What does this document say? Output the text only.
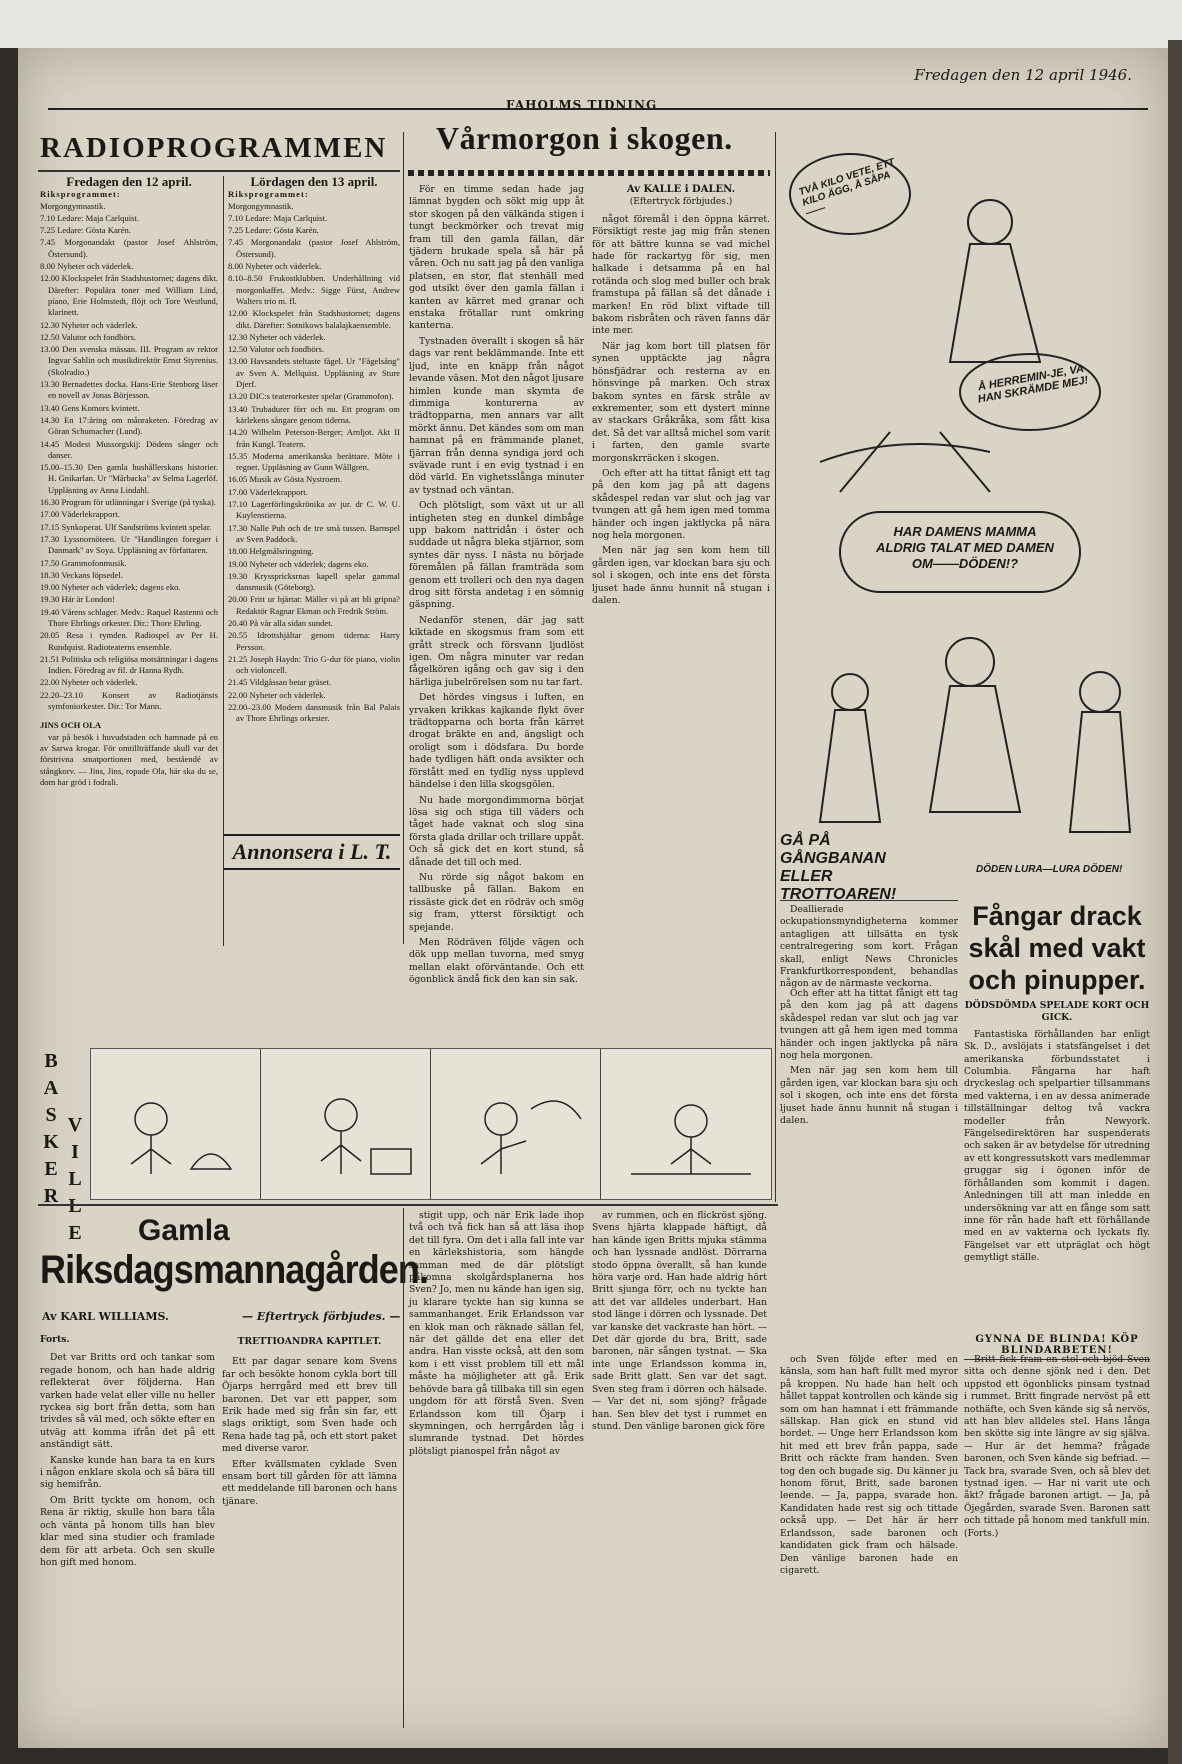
Fredagen den 12 april 1946.
FAHOLMS TIDNING
RADIOPROGRAMMEN
Fredagen den 12 april.
Rikspr​ogrammet:

Morgongymnastik.

7.10 Ledare: Maja Carlquist.

7.25 Ledare: Gösta Karén.

7.45 Morgonandakt (pastor Josef Ahlström, Östersund).

8.00 Nyheter och väderlek.

12.00 Klockspelet från Stadshustornet; dagens dikt. Därefter: Populära toner med William Lind, piano, Erie Holmstedt, flöjt och Tore Westlund, klarinett.

12.30 Nyheter och väderlek.

12.50 Valutor och fondbörs.

13.00 Den svenska mässan. III. Program av rektor Ingvar Sahlin och musikdirektör Ernst Styrenius. (Skolradio.)

13.30 Bernadettes docka. Hans-Erie Stenborg läser en novell av Jonas Börjesson.

13.40 Gens Komors kvintett.

14.30 En 17:åring om månraketen. Föredrag av Göran Schumacher (Lund).

14.45 Modest Mussorgskij: Dödens sånger och danser.

15.00–15.30 Den gamla hushållerskans historier. H. Gnikarlan. Ur "Mårbacka" av Selma Lagerlöf. Uppläsning av Anna Lindahl.

16.30 Program för utlänningar i Sverige (på tyska).

17.00 Väderlekrapport.

17.15 Synkoperat. Ulf Sandströms kvintett spelar.

17.30 Lyssnornöteen. Ur "Handlingen foregaer i Danmark" av Soya. Uppläsning av författaren.

17.50 Grammofonmusik.

18.30 Veckans löpsedel.

19.00 Nyheter och väderlek; dagens eko.

19.30 Här är London!

19.40 Vårens schlager. Medv.: Raquel Rastenni och Thore Ehrlings orkester. Dir.: Thore Ehrling.

20.05 Resa i rymden. Radiospel av Per H. Rundquist. Radioteaterns ensemble.

21.51 Politiska och religiösa motsättningar i dagens Indien. Föredrag av fil. dr Hanna Rydh.

22.00 Nyheter och väderlek.

22.20–23.10 Konsert av Radiotjänsts symfoniorkester. Dir.: Tor Mann.

JINS OCH OLA
var på besök i huvudstaden och hamnade på en av Sarwa krogar. För omtillträffande skull var det förstrivna smatportionen med, beståendé av stångkorv. — Jins, Jins, ropade Ola, här ska du se, dom har gröd i fodrali.
Lördagen den 13 april.
Riksprogrammet:

Morgongymnastik.

7.10 Ledare: Maja Carlquist.

7.25 Ledare: Gösta Karén.

7.45 Morgonandakt (pastor Josef Ahlström, Östersund).

8.00 Nyheter och väderlek.

8.10–8.50 Frukostklubben. Underhållning vid morgonkaffet. Medv.: Sigge Fürst, Andrew Walters trio m. fl.

12.00 Klockspelet från Stadshustornet; dagens dikt. Därefter: Sotnikows balalajkaensemble.

12.30 Nyheter och väderlek.

12.50 Valutor och fondbörs.

13.00 Havsandets steltaste fågel. Ur "Fågelsång" av Sven A. Mellquist. Uppläsning av Sture Djerf.

13.20 DIC:s teaterorkester spelar (Grammofon).

13.40 Trubadurer förr och nu. Ett program om kärlekens sångare genom tiderna.

14.20 Wilhelm Peterson-Berger; Arnljot. Akt II från Kungl. Teatern.

15.35 Moderna amerikanska berättare. Möte i regnet. Uppläsning av Gunn Wållgren.

16.05 Musik av Gösta Nystroem.

17.00 Väderlekrapport.

17.10 Lagerförlingskrönika av jur. dr C. W. U. Kuylenstierna.

17.30 Nalle Puh och de tre små tussen. Barnspel av Sven Paddock.

18.00 Helgmålsringning.

19.00 Nyheter och väderlek; dagens eko.

19.30 Krysspricksrnas kapell spelar gammal dansmusik (Göteborg).

20.00 Fritt ur hjärtat: Mäller vi på att bli gripna? Redaktör Ragnar Ekman och Fredrik Ström.

20.40 På vår alla sidan sundet.

20.55 Idrottshjältar genom tiderna: Harry Persson.

21.25 Joseph Haydn: Trio G-dur för piano, violin och violoncell.

21.45 Vildgåssan betar gräset.

22.00 Nyheter och väderlek.

22.00–23.00 Modern dansmusik från Bal Palais av Thore Ehrlings orkester.

Annonsera i L. T.
Vårmorgon i skogen.

För en timme sedan hade jag lämnat bygden och sökt mig upp åt stor skogen på den välkända stigen i tungt beckmörker och trevat mig fram till den gamla fällan, där tjädern brukade spela så här på våren. Och nu satt jag på den vanliga platsen, en stor, flat stenhäll med god utsikt över den gamla fällan i kanten av kärret med granar och enstaka frötallar runt omkring kanterna.

Tystnaden överallt i skogen så här dags var rent beklämmande. Inte ett ljud, inte en knäpp från något levande väsen. Mot den något ljusare himlen kunde man skymta de dimmiga konturerna av trädtopparna, men annars var allt mörkt ännu. Det kändes som om man hamnat på en främmande planet, fjärran från denna syndiga jord och svävade runt i en evig tystnad i en död värld. En vighetsslånga minuter av tystnad och väntan.

Och plötsligt, som växt ut ur all intigheten steg en dunkel dimbåge upp bakom nattridån i öster och suddade ut några bleka stjärnor, som syntes där nyss. I nästa nu började föremålen på fällan framträda som genom ett trolleri och den nya dagen drog sitt första andetag i en sömnig gäspning.

Nedanför stenen, där jag satt kiktade en skogsmus fram som ett grått streck och försvann ljudlöst igen. Om några minuter var redan fågelkören igång och gav sig i den härliga jubelrörelsen som nu tar fart.

Det hördes vingsus i luften, en yrvaken krikkas kajkande flykt över trädtopparna och borta från kärret drogat bräkte en and, ängsligt och oroligt som i dödsfara. Du borde hade tydligen häft onda avsikter och förstått med en tydlig nyss upplevd händelse i den lilla skogsgölen.

Nu hade morgondimmorna börjat lösa sig och stiga till väders och tåget hade vaknat och slog sina första glada drillar och trillare uppåt. Och så gick det en kort stund, så dånade det till och med.

Nu rörde sig något bakom en tallbuske på fällan. Bakom en rissäste gick det en rödräv och smög sig fram, ytterst försiktigt och spejande.

Men Rödräven följde vägen och dök upp mellan tuvorna, med smyg mellan elakt oförväntande. Och ett ögonblick ändå fick den kan sin sak.

Av KALLE i DALEN.
(Eftertryck förbjudes.)

något föremål i den öppna kärret. Försiktigt reste jag mig från stenen för att bättre kunna se vad michel hade för rackartyg för sig, men halkade i detsamma på en hal rotända och slog med buller och brak framstupa på fällan så det dånade i marken! En röd blixt viftade till bakom risbråten och räven fanns där inte mer.

När jag kom bort till platsen för synen upptäckte jag några hönsfjädrar och resterna av en hönsvinge på marken. Och strax bakom syntes en färsk stråle av exkrementer, som ett dystert minne av stackars Gråkråka, som fått kisa det. Så det var alltså michel som varit i farten, den gamle svarte morgonskrräcken i skogen.

Och efter att ha tittat fånigt ett tag på den kom jag på att dagens skådespel redan var slut och jag var tvungen att gå hem igen med tomma händer och ingen jaktlycka på nära nog hela morgonen.

Men när jag sen kom hem till gården igen, var klockan bara sju och sol i skogen, och inte ens det första ljuset hade ännu hunnit nå stugan i dalen.

TVÅ KILO VETE, ETT KILO ÄGG, Å SÅPA——
Å HERREMIN-JE, VA HAN SKRÄMDE MEJ!
HAR DAMENS MAMMA ALDRIG TALAT MED DAMEN OM——DÖDEN!?
GÅ PÅ GÅNGBANAN ELLER TROTTOAREN!
DÖDEN LURA—LURA DÖDEN!

Deallierade ockupationsmyndigheterna kommer antagligen att tillsätta en tysk centralregering som kort. Frågan skall, enligt News Chronicles Frankfurtkorrespondent, behandlas någon av de närmaste veckorna.

Fångar drack skål med vakt och pinupper.
DÖDSDÖMDA SPELADE KORT OCH GICK.

Fantastiska förhållanden har enligt Sk. D., avslöjats i statsfängelset i det amerikanska förbundsstatet i Columbia. Fångarna har haft dryckeslag och spelpartier tillsammans med vakterna, i en av dessa animerade tillställningar deltog två vackra modeller från Newyork. Fängelsedirektören har suspenderats och saken är av betydelse för utredning av ett kongressutskott vars medlemmar gruggar sig i ögonen inför de förhållanden som kommit i dagen. Anledningen till att man inledde en undersökning var att en fånge som satt inne för rån hade haft ett förhållande med en av vakterna och lyckats fly. Fängelset var ett utpräglat och högt gemytligt ställe.

Och efter att ha tittat fånigt ett tag på den kom jag på att dagens skådespel redan var slut och jag var tvungen att gå hem igen med tomma händer och ingen jaktlycka på nära nog hela morgonen.

Men när jag sen kom hem till gården igen, var klockan bara sju och sol i skogen, och inte ens det första ljuset hade ännu hunnit nå stugan i dalen.

GYNNA DE BLINDA! KÖP BLINDARBETEN!
B
A
S
K
E
R
V
I
L
L
E Gamla
Riksdagsmannagården.
Av KARL WILLIAMS.	— Eftertryck förbjudes. —
Forts.

Det var Britts ord och tankar som regade honom, och han hade aldrig reflekterat över följderna. Han varken hade velat eller ville nu heller ryckea sig bort från detta, som han trivdes så väl med, och sökte efter en utväg att komma ifrån det på ett anständigt sätt.

Kanske kunde han bara ta en kurs i någon enklare skola och så bära till sig hemifrån.

Om Britt tyckte om honom, och Rena är riktig, skulle hon bara tåla och vänta på honom tills han blev klar med sina studier och framlade dem för att arbeta. Och sen skulle hon gift med honom.

TRETTIOANDRA KAPITLET.

Ett par dagar senare kom Svens far och besökte honom cykla bort till Öjarps herrgård med ett brev till baronen. Det var ett papper, som Erik hade med sig från sin far, ett slags oriktigt, som Sven hade och Rena hade tag på, och ett stort paket med diverse varor.

Efter kvällsmaten cyklade Sven ensam bort till gården för att lämna ett meddelande till baronen och hans tjänare.

stigit upp, och när Erik lade ihop två och två fick han så att läsa ihop det till fyra. Om det i alla fall inte var en kärlekshistoria, som hängde samman med de där plötsligt påkomna skolgårdsplanerna hos Sven? Jo, men nu kände han igen sig, ju klarare tyckte han sig kunna se sammanhanget. Erik Erlandsson var en klok man och räknade sällan fel, när det gällde det ena eller det andra. Han visste också, att den som kom i ett visst problem till ett mål måste ha möjligheter att gå. Erik behövde bara gå tillbaka till sin egen ungdom för att förstå Sven. Sven Erlandsson kom till Öjarp i skymningen, och herrgården låg i slumrande tystnad. Det hördes plötsligt pianospel från något av

av rummen, och en flickröst sjöng. Svens hjärta klappade häftigt, då han kände igen Britts mjuka stämma och han lyssnade andlöst. Dörrarna stodo öppna överallt, så han kunde höra varje ord. Han hade aldrig hört Britt sjunga förr, och nu tyckte han att det var alldeles underbart. Han stod länge i dörren och lyssnade. Det var kanske det vackraste han hört. — Det där gjorde du bra, Britt, sade baronen, när sången tystnat. — Ska inte unge Erlandsson komma in, sade Britt glatt. Sen var det sagt. Sven steg fram i dörren och hälsade. — Var det ni, som sjöng? frågade han. Sen blev det tyst i rummet en stund. Den vänlige baronen gick före

och Sven följde efter med en känsla, som han haft fullt med myror på kroppen. Nu hade han helt och hållet tappat kontrollen och kände sig som om han hamnat i ett främmande sällskap. Han gick en stund vid bordet. — Unge herr Erlandsson kom hit med ett brev från pappa, sade Britt och räckte fram handen. Sven tog den och bugade sig. Du känner ju honom förut, Britt, sade baronen leende. — Ja, pappa, svarade hon. Kandidaten hade rest sig och tittade också upp. — Det här är herr Erlandsson, sade baronen och kandidaten gick fram och hälsade. Den vänlige baronen hade en cigarett.

Britt fick fram en stol och bjöd Sven sitta och denne sjönk ned i den. Det uppstod ett ögonblicks pinsam tystnad i rummet. Britt fingrade nervöst på ett nothäfte, och Sven kände sig så nervös, att han blev alldeles stel. Hans långa ben skötte sig inte längre av sig själva. — Hur är det hemma? frågade baronen, och Sven kände sig befriad. — Tack bra, svarade Sven, och så blev det tystnad igen. — Har ni varit ute och åkt? frågade baronen artigt. — Ja, på Öjegården, svarade Sven. Baronen satt och tittade på honom med tankfull min. (Forts.)
